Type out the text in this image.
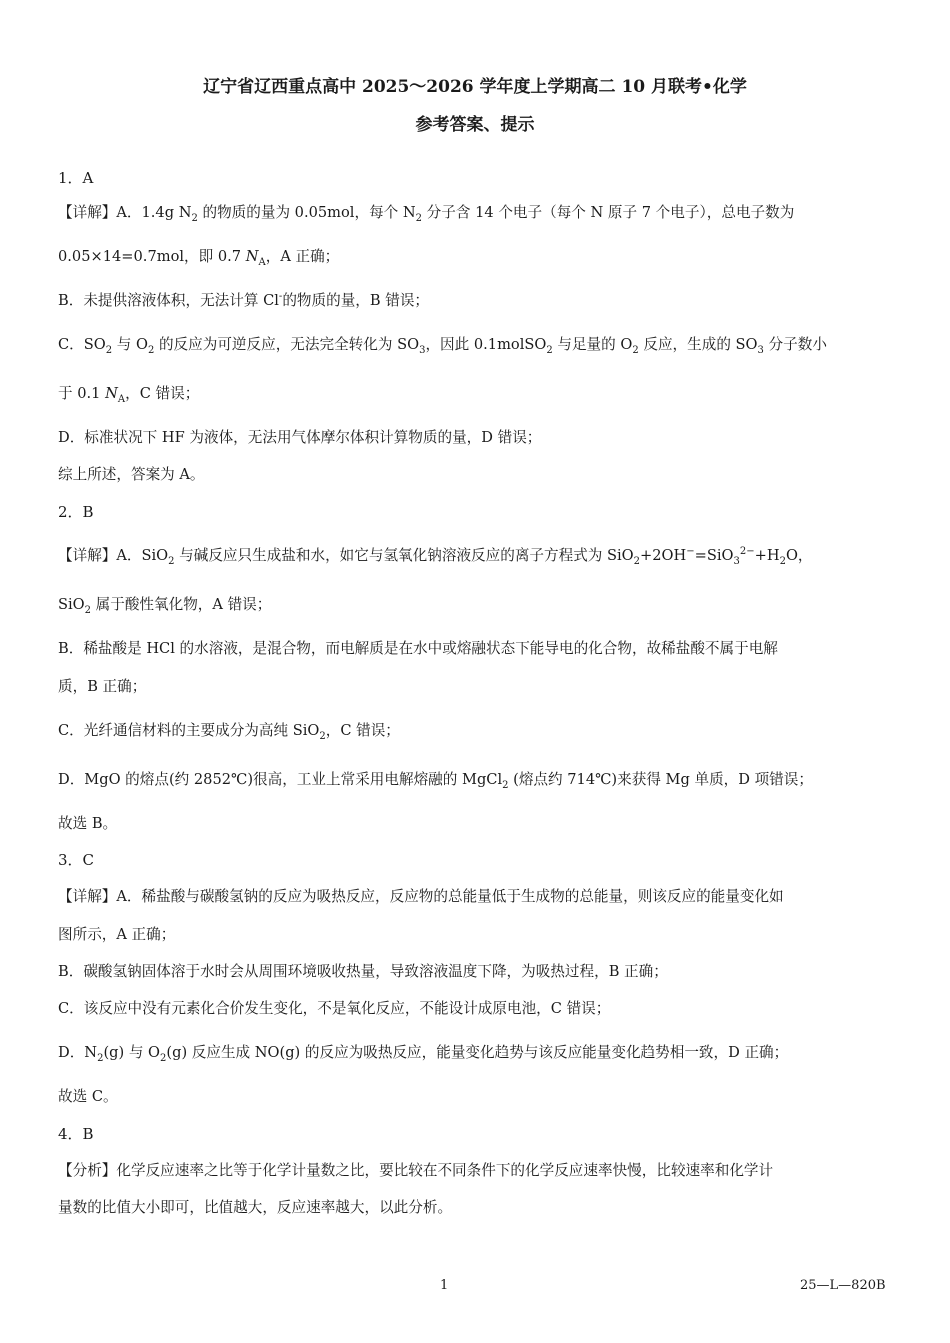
辽宁省辽西重点高中 2025～2026 学年度上学期高二 10 月联考•化学
参考答案、提示
1．A
【详解】A．1.4g $N_2$ 的物质的量为 0.05mol，每个 $N_2$ 分子含 14 个电子（每个 N 原子 7 个电子），总电子数为
0.05×14=0.7mol，即 0.7 $N_A$，A 正确；
B．未提供溶液体积，无法计算 Cl-的物质的量，B 错误；
C．$SO_2$ 与 $O_2$ 的反应为可逆反应，无法完全转化为 $SO_3$，因此 0.1molSO$_2$ 与足量的 $O_2$ 反应，生成的 $SO_3$ 分子数小
于 0.1 $N_A$，C 错误；
D．标准状况下 HF 为液体，无法用气体摩尔体积计算物质的量，D 错误；
综上所述，答案为 A。
2．B
【详解】A．SiO$_2$ 与碱反应只生成盐和水，如它与氢氧化钠溶液反应的离子方程式为 $SiO_2+2OH^-=SiO_3^{2-}+H_2O$，
SiO$_2$ 属于酸性氧化物，A 错误；
B．稀盐酸是 HCl 的水溶液，是混合物，而电解质是在水中或熔融状态下能导电的化合物，故稀盐酸不属于电解
质，B 正确；
C．光纤通信材料的主要成分为高纯 SiO$_2$，C 错误；
D．MgO 的熔点(约 2852℃)很高，工业上常采用电解熔融的 MgCl$_2$ (熔点约 714℃)来获得 Mg 单质，D 项错误；
故选 B。
3．C
【详解】A．稀盐酸与碳酸氢钠的反应为吸热反应，反应物的总能量低于生成物的总能量，则该反应的能量变化如
图所示，A 正确；
B．碳酸氢钠固体溶于水时会从周围环境吸收热量，导致溶液温度下降，为吸热过程，B 正确；
C．该反应中没有元素化合价发生变化，不是氧化反应，不能设计成原电池，C 错误；
D．$N_2(g)$ 与 $O_2(g)$ 反应生成 NO(g) 的反应为吸热反应，能量变化趋势与该反应能量变化趋势相一致，D 正确；
故选 C。
4．B
【分析】化学反应速率之比等于化学计量数之比，要比较在不同条件下的化学反应速率快慢，比较速率和化学计
量数的比值大小即可，比值越大，反应速率越大，以此分析。
1	25—L—820B
